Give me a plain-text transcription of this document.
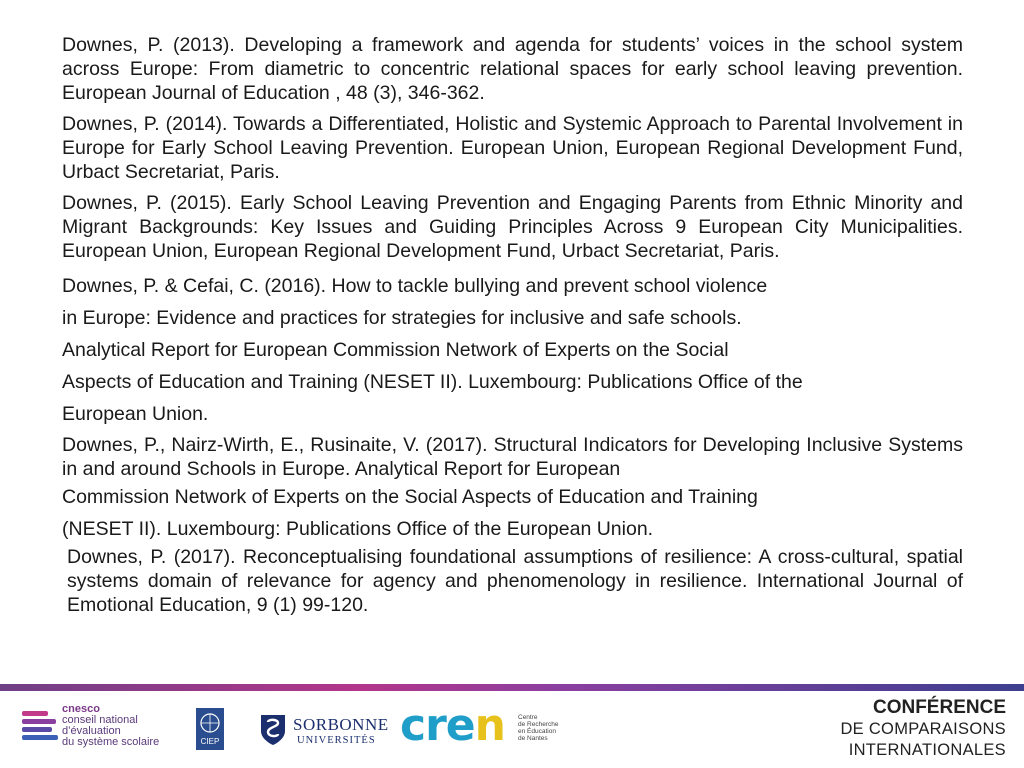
Downes, P. (2013). Developing a framework and agenda for students’ voices in the school system across Europe: From diametric to concentric relational spaces for early school leaving prevention. European Journal of Education , 48 (3), 346-362.

Downes, P. (2014). Towards a Differentiated, Holistic and Systemic Approach to Parental Involvement in Europe for Early School Leaving Prevention. European Union, European Regional Development Fund, Urbact Secretariat, Paris.

Downes, P. (2015). Early School Leaving Prevention and Engaging Parents from Ethnic Minority and Migrant Backgrounds: Key Issues and Guiding Principles Across 9 European City Municipalities. European Union, European Regional Development Fund, Urbact Secretariat, Paris.

Downes, P. & Cefai, C. (2016). How to tackle bullying and prevent school violence

in Europe: Evidence and practices for strategies for inclusive and safe schools.

Analytical Report for European Commission Network of Experts on the Social

Aspects of Education and Training (NESET II). Luxembourg: Publications Office of the

European Union.

Downes, P., Nairz-Wirth, E., Rusinaite, V. (2017). Structural Indicators for Developing Inclusive Systems in and around Schools in Europe. Analytical Report for European

Commission Network of Experts on the Social Aspects of Education and Training

(NESET II). Luxembourg: Publications Office of the European Union.

Downes, P. (2017). Reconceptualising foundational assumptions of resilience: A cross-cultural, spatial systems domain of relevance for agency and phenomenology in resilience. International Journal of Emotional Education, 9 (1) 99-120.

cnesco
conseil national
d’évaluation
du système scolaire	CIEP
SORBONNE
UNIVERSITÉS cren Centre
de Recherche
en Éducation
de Nantes
CONFÉRENCE
DE COMPARAISONS
INTERNATIONALES
